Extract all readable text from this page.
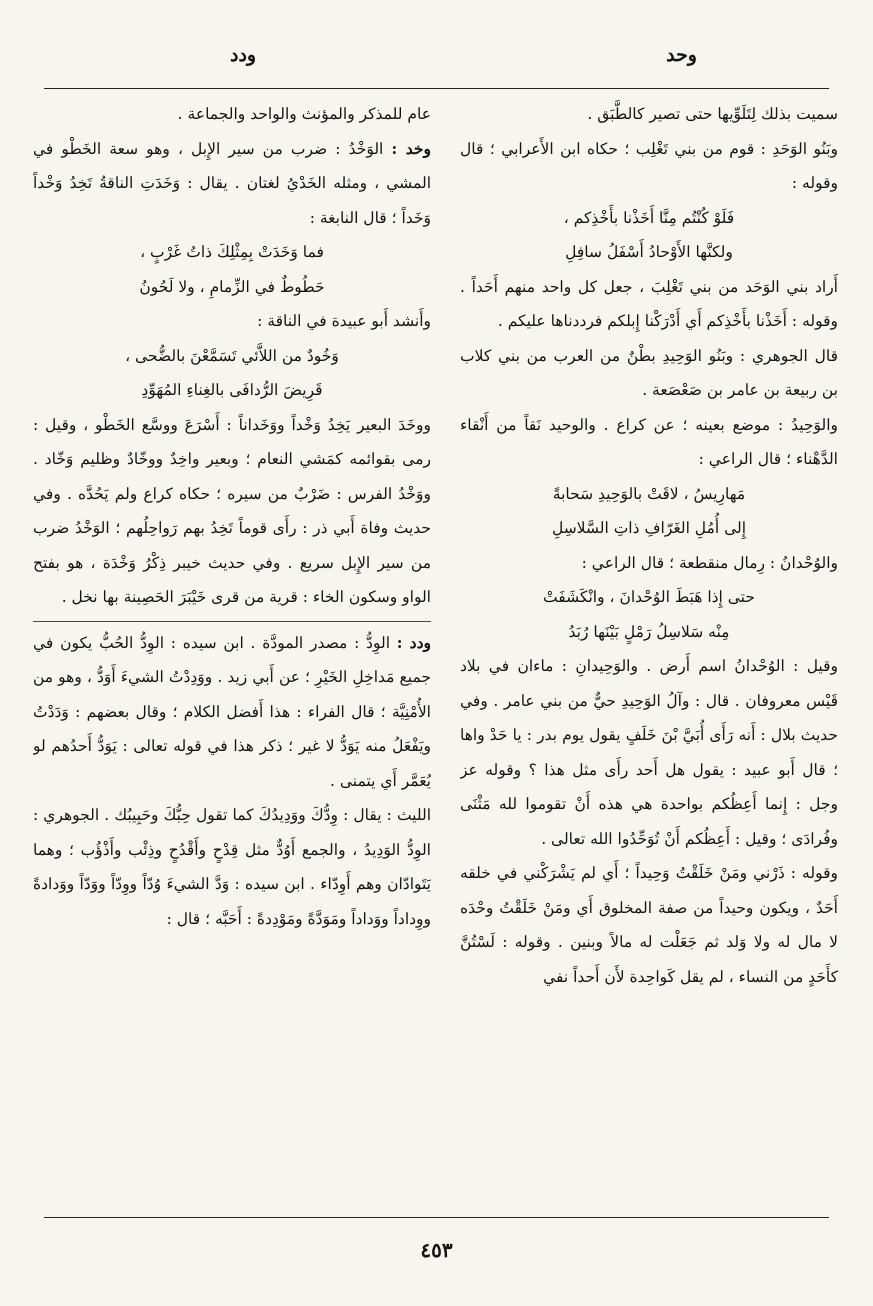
وحد
ودد
سميت بذلك لِتَلَوِّيها حتى تصير كالطَّبَق .
وبَنُو الوَحَدِ : قوم من بني تَغْلِب ؛ حكاه ابن الأَعرابي ؛ قال وقوله :
فَلَوْ كُنْتُم مِنَّا أَخَذْنا بأَخْذِكم ،
ولكنَّها الأَوْحادُ أَسْفَلُ سافِلِ
أَراد بني الوَحَد من بني تَغْلِبَ ، جعل كل واحد منهم أَحَداً . وقوله : أَخَذْنا بأَخْذِكم أَي أَدْرَكْنا إِبلكم فرددناها عليكم .
قال الجوهري : وبَنُو الوَحِيدِ بطْنٌ من العرب من بني كلاب بن ربيعة بن عامر بن صَعْصَعة .
والوَحِيدُ : موضع بعينه ؛ عن كراع . والوحيد نَقاً من أَنْقاء الدَّهْناء ؛ قال الراعي :
مَهارِيسُ ، لاقَتْ بالوَحِيدِ سَحابةً
إِلى أُمُلِ الغَرّافِ ذاتِ السَّلاسِلِ
والوُحْدانُ : رِمال منقطعة ؛ قال الراعي :
حتى إِذا هَبَطَ الوُحْدانَ ، وانْكَشَفَتْ
مِنْه سَلاسِلُ رَمْلٍ بَيْنَها رُبَدُ
وقيل : الوُحْدانُ اسم أَرض . والوَحِيدانِ : ماءان في بلاد قَيْس معروفان . قال : وآلُ الوَحِيدِ حيٌّ من بني عامر . وفي حديث بلال : أَنه رَأَى أُبَيَّ بْنَ خَلَفٍ يقول يوم بدر : يا حَدْ واها ؛ قال أَبو عبيد : يقول هل أَحد رأَى مثل هذا ؟ وقوله عز وجل : إِنما أَعِظُكم بواحدة هي هذه أَنْ تقوموا لله مَثْنَى وفُرادَى ؛ وقيل : أَعِظُكم أَنْ تُوَحِّدُوا الله تعالى .
وقوله : ذَرْني ومَنْ خَلَقْتُ وَحِيداً ؛ أَي لم يَشْرَكْني في خلقه أَحَدٌ ، ويكون وحيداً من صفة المخلوق أَي ومَنْ خَلَقْتُ وحْدَه لا مال له ولا وَلد ثم جَعَلْت له مالاً وبنين . وقوله : لَسْتُنَّ كأَحَدٍ من النساء ، لم يقل كَواحِدة لأَن أَحداً نفي
عام للمذكر والمؤنث والواحد والجماعة .
وخد : الوَخْدُ : ضرب من سير الإِبل ، وهو سعة الخَطْو في المشي ، ومثله الخَدْيُ لغتان . يقال : وَخَدَتِ الناقةُ تَخِدُ وَخْداً وَخَداً ؛ قال النابغة :
فما وَخَدَتْ بِمِثْلِكَ ذاتُ غَرْبٍ ،
حَطُوطٌ في الزِّمامِ ، ولا لَحُونُ
وأَنشد أَبو عبيدة في الناقة :
وَخُودٌ من اللاَّئي تَسَمَّعْنَ بالضُّحى ،
قَرِيضَ الرُّدافَى بالغِناءِ المُهَوِّدِ
ووخَدَ البعير يَخِدُ وَخْداً ووَخَداناً : أَسْرَعَ ووسَّع الخَطْو ، وقيل : رمى بقوائمه كمَشي النعام ؛ وبعير واخِدٌ ووخّادٌ وظليم وَخّاد . ووَخْدُ الفرس : ضَرْبٌ من سيره ؛ حكاه كراع ولم يَحُدَّه . وفي حديث وفاة أَبي ذر : رأَى قوماً تَخِدُ بهم رَواحِلُهم ؛ الوَخْدُ ضرب من سير الإِبل سريع . وفي حديث خيبر ذِكْرُ وَخْدَة ، هو بفتح الواو وسكون الخاء : قرية من قرى خَيْبَرَ الحَصِينة بها نخل .
ودد : الوِدُّ : مصدر المودَّة . ابن سيده : الوِدُّ الحُبُّ يكون في جميع مَداخِلِ الخَيْرِ ؛ عن أَبي زيد . ووَدِدْتُ الشيءَ أَوَدُّ ، وهو من الأُمْنِيَّة ؛ قال الفراء : هذا أَفضل الكلام ؛ وقال بعضهم : وَدَدْتُ ويَفْعَلُ منه يَوَدُّ لا غير ؛ ذكر هذا في قوله تعالى : يَوَدُّ أَحدُهم لو يُعَمَّر أَي يتمنى .
الليث : يقال : وِدُّكَ ووَدِيدُكَ كما تقول حِبُّكَ وحَبِيبُك . الجوهري : الوِدُّ الوَدِيدُ ، والجمع أَوُدٌّ مثل قِدْحٍ وأَقْدُحٍ وذِئْب وأَذْؤُب ؛ وهما يَتَوادّان وهم أَوِدّاء . ابن سيده : وَدَّ الشيءَ وُدّاً ووِدّاً ووَدّاً ووَدادةً ووِداداً ووَداداً ومَوَدَّةً ومَوْدِدةً : أَحَبَّه ؛ قال :
٤٥٣
